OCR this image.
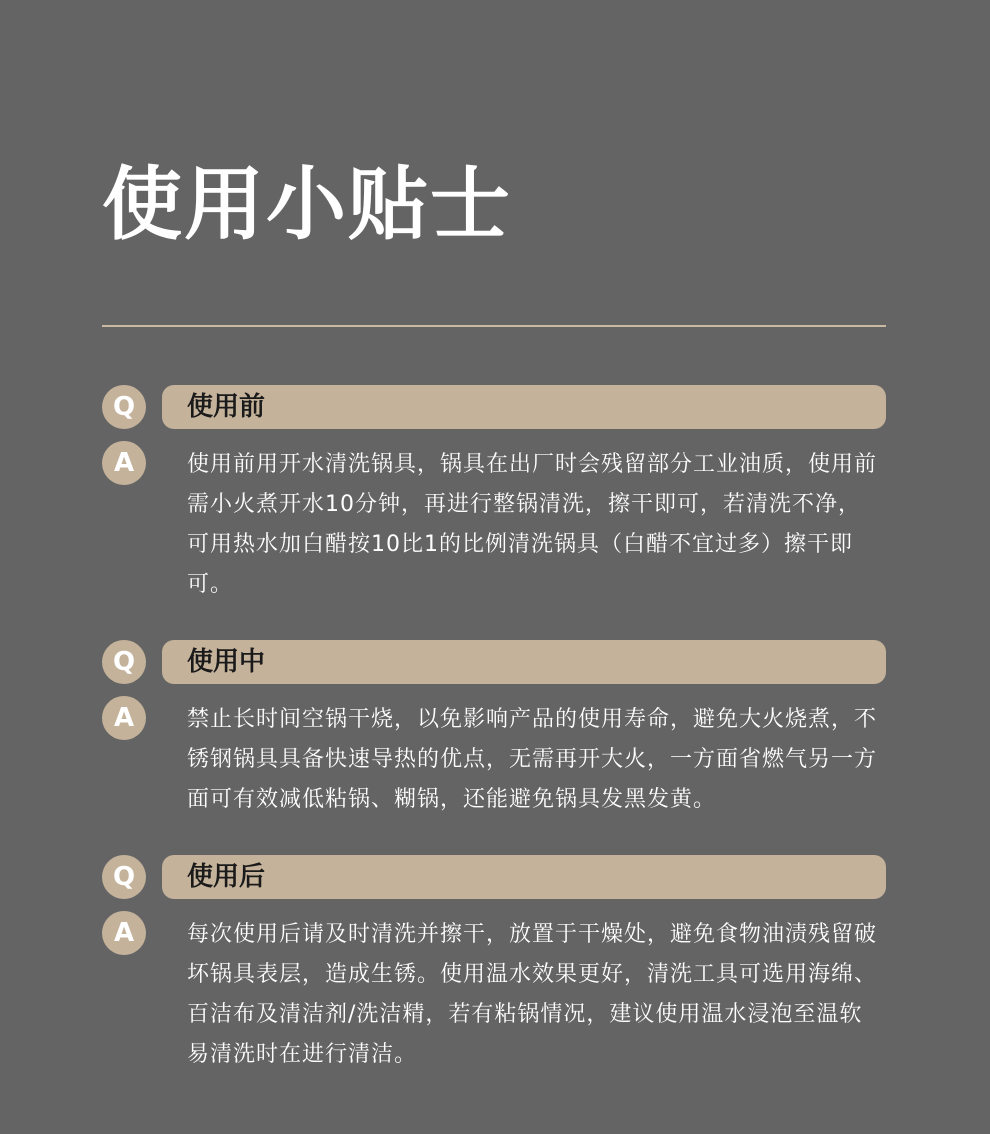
使用小贴士
Q	使用前
A	使用前用开水清洗锅具，锅具在出厂时会残留部分工业油质，使用前需小火煮开水10分钟，再进行整锅清洗，擦干即可，若清洗不净，可用热水加白醋按10比1的比例清洗锅具（白醋不宜过多）擦干即可。

Q	使用中
A	禁止长时间空锅干烧，以免影响产品的使用寿命，避免大火烧煮，不锈钢锅具具备快速导热的优点，无需再开大火，一方面省燃气另一方面可有效减低粘锅、糊锅，还能避免锅具发黑发黄。

Q	使用后
A	每次使用后请及时清洗并擦干，放置于干燥处，避免食物油渍残留破坏锅具表层，造成生锈。使用温水效果更好，清洗工具可选用海绵、百洁布及清洁剂/洗洁精，若有粘锅情况，建议使用温水浸泡至温软易清洗时在进行清洁。
